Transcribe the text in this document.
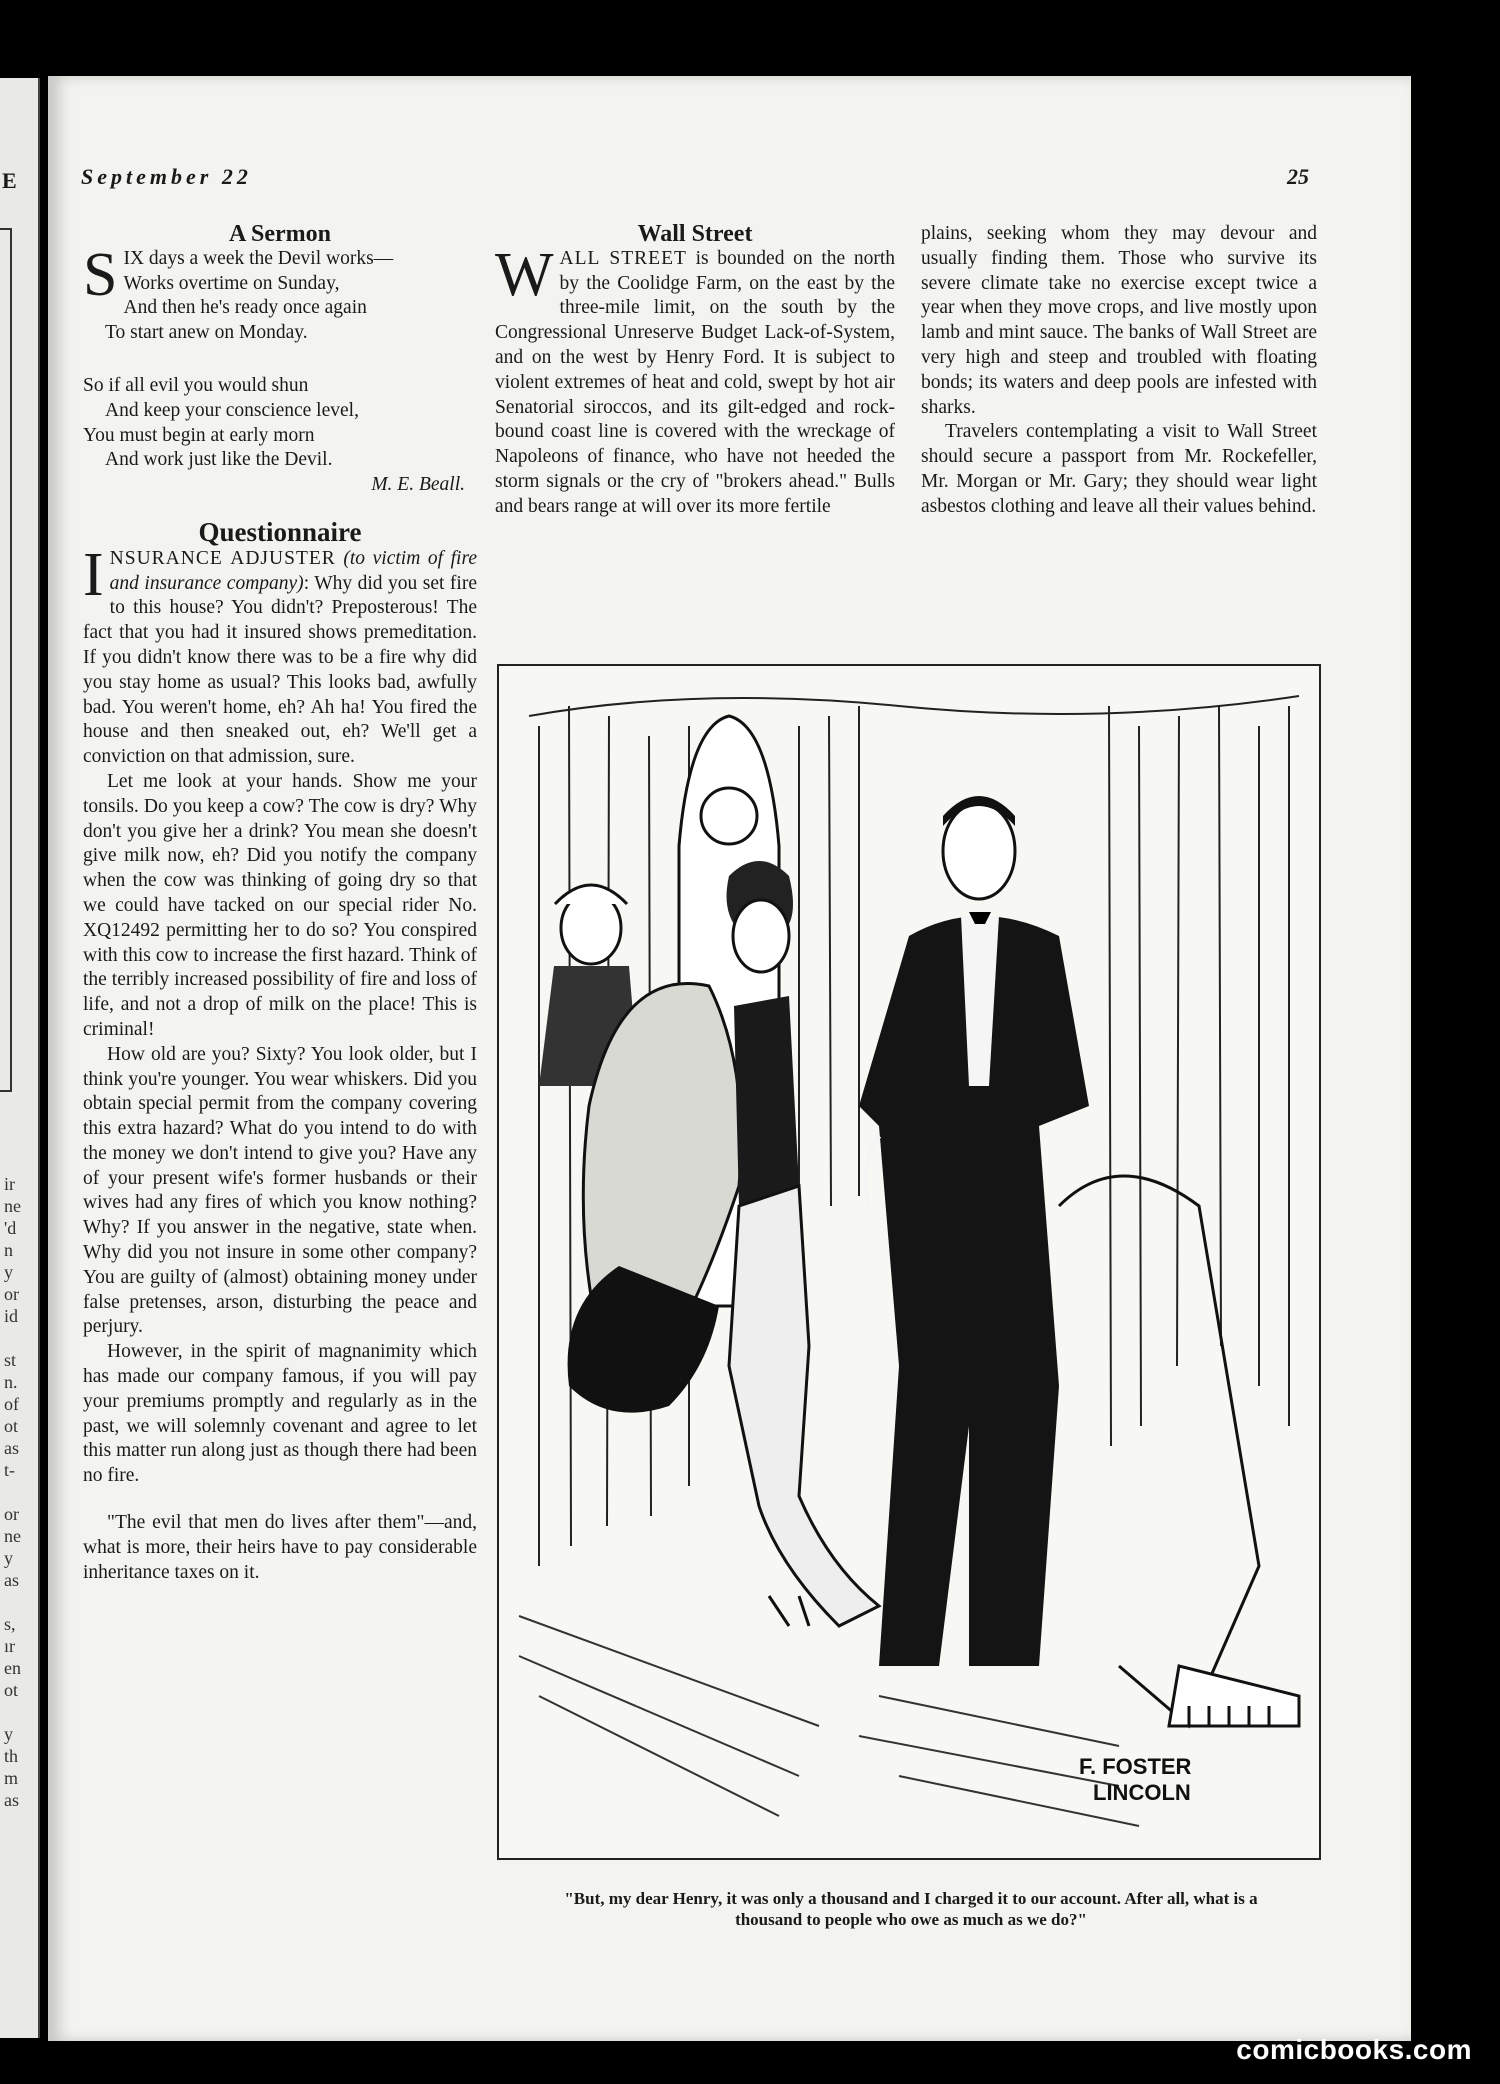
E
ir
ne
'd
n
y
or
id
st
n.
of
ot
as
t-
or
ne
y
as
s,
ır
en
ot
y
th
m
as
September 22	25
A Sermon
S IX days a week the Devil works—
Works overtime on Sunday,
And then he's ready once again
To start anew on Monday.
So if all evil you would shun
And keep your conscience level,
You must begin at early morn
And work just like the Devil.
M. E. Beall.
Questionnaire

INSURANCE ADJUSTER (to victim of fire and insurance company): Why did you set fire to this house? You didn't? Preposterous! The fact that you had it insured shows premeditation. If you didn't know there was to be a fire why did you stay home as usual? This looks bad, awfully bad. You weren't home, eh? Ah ha! You fired the house and then sneaked out, eh? We'll get a conviction on that admission, sure.

Let me look at your hands. Show me your tonsils. Do you keep a cow? The cow is dry? Why don't you give her a drink? You mean she doesn't give milk now, eh? Did you notify the company when the cow was thinking of going dry so that we could have tacked on our special rider No. XQ12492 permitting her to do so? You conspired with this cow to increase the first hazard. Think of the terribly increased possibility of fire and loss of life, and not a drop of milk on the place! This is criminal!

How old are you? Sixty? You look older, but I think you're younger. You wear whiskers. Did you obtain special permit from the company covering this extra hazard? What do you intend to do with the money we don't intend to give you? Have any of your present wife's former husbands or their wives had any fires of which you know nothing? Why? If you answer in the negative, state when. Why did you not insure in some other company? You are guilty of (almost) obtaining money under false pretenses, arson, disturbing the peace and perjury.

However, in the spirit of magnanimity which has made our company famous, if you will pay your premiums promptly and regularly as in the past, we will solemnly covenant and agree to let this matter run along just as though there had been no fire.

"The evil that men do lives after them"—and, what is more, their heirs have to pay considerable inheritance taxes on it.

Wall Street

WALL STREET is bounded on the north by the Coolidge Farm, on the east by the three-mile limit, on the south by the Congressional Unreserve Budget Lack-of-System, and on the west by Henry Ford. It is subject to violent extremes of heat and cold, swept by hot air Senatorial siroccos, and its gilt-edged and rock-bound coast line is covered with the wreckage of Napoleons of finance, who have not heeded the storm signals or the cry of "brokers ahead." Bulls and bears range at will over its more fertile

plains, seeking whom they may devour and usually finding them. Those who survive its severe climate take no exercise except twice a year when they move crops, and live mostly upon lamb and mint sauce. The banks of Wall Street are very high and steep and troubled with floating bonds; its waters and deep pools are infested with sharks.

Travelers contemplating a visit to Wall Street should secure a passport from Mr. Rockefeller, Mr. Morgan or Mr. Gary; they should wear light asbestos clothing and leave all their values behind.

F. FOSTER
LINCOLN
"But, my dear Henry, it was only a thousand and I charged it to our account. After all, what is a thousand to people who owe as much as we do?"
comicbooks.com
